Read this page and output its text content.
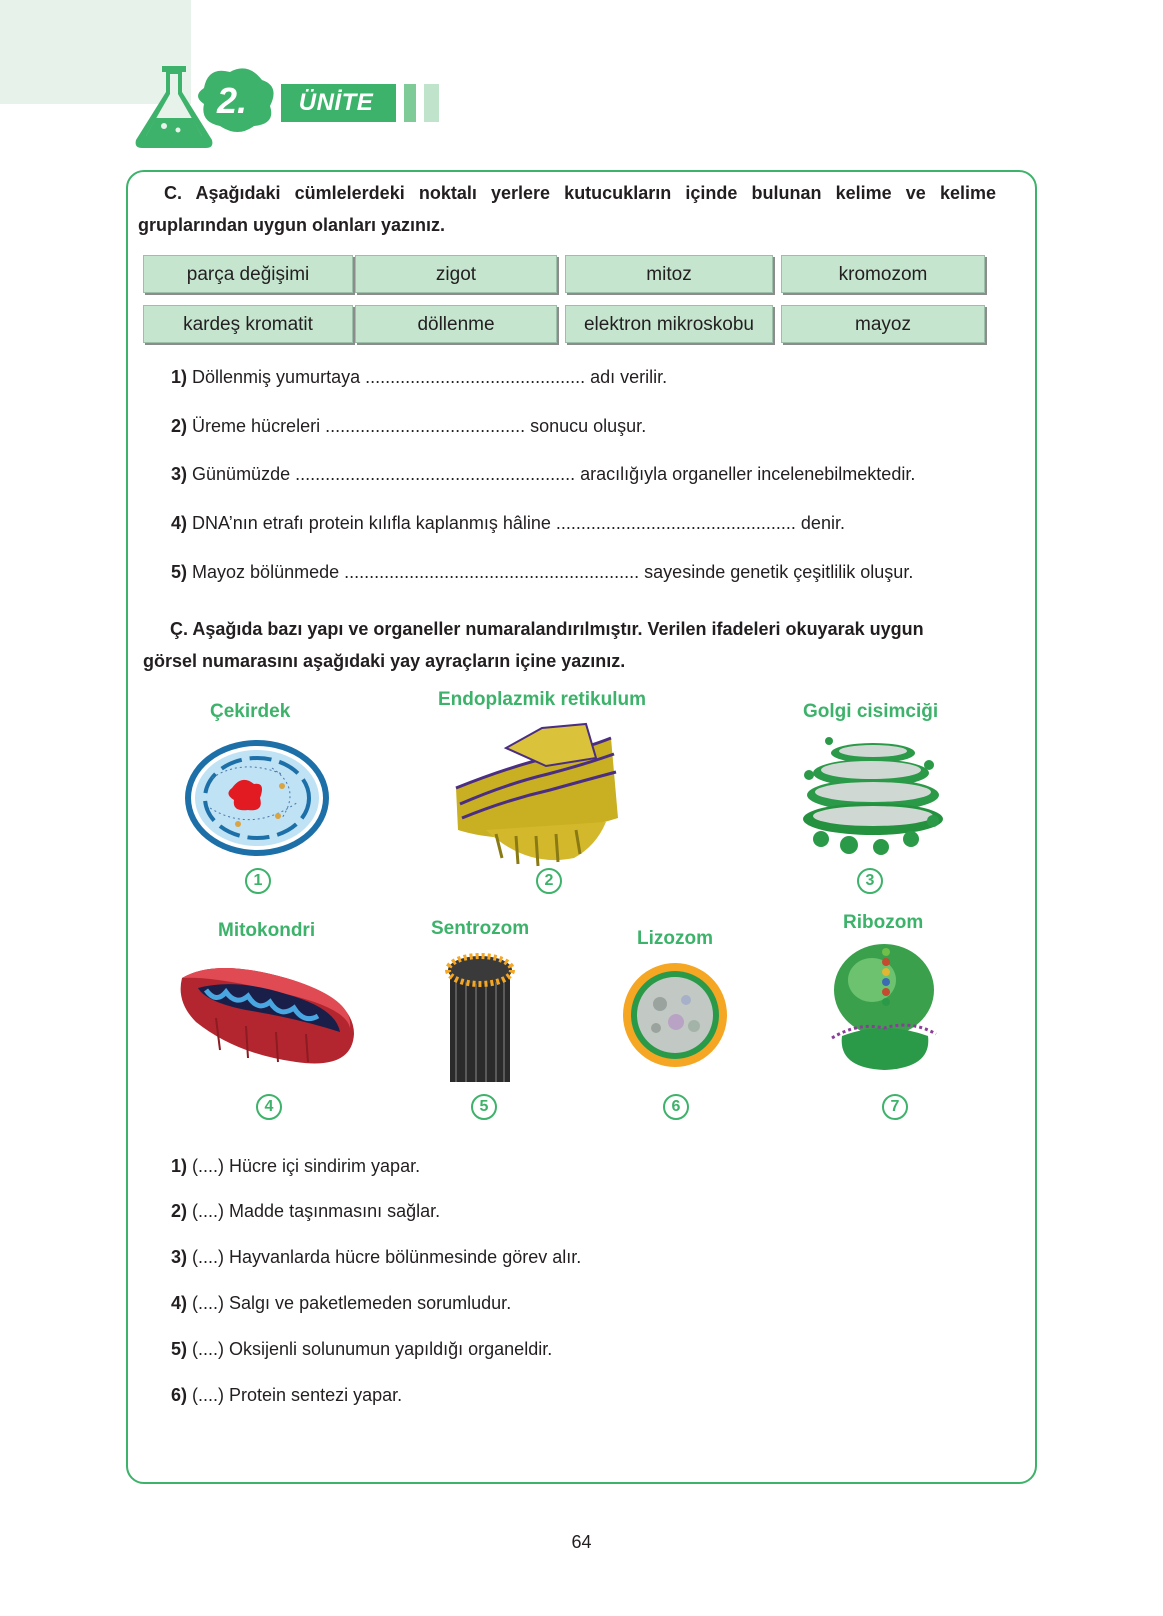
2.	ÜNİTE
C. Aşağıdaki cümlelerdeki noktalı yerlere kutucukların içinde bulunan kelime ve kelime
gruplarından uygun olanları yazınız.
parça değişimi	zigot	mitoz	kromozom
kardeş kromatit	döllenme	elektron mikroskobu	mayoz
1) Döllenmiş yumurtaya ............................................ adı verilir.
2) Üreme hücreleri ........................................ sonucu oluşur.
3) Günümüzde ........................................................ aracılığıyla organeller incelenebilmektedir.
4) DNA’nın etrafı protein kılıfla kaplanmış hâline ................................................ denir.
5) Mayoz bölünmede ........................................................... sayesinde genetik çeşitlilik oluşur.
Ç. Aşağıda bazı yapı ve organeller numaralandırılmıştır. Verilen ifadeleri okuyarak uygun
görsel numarasını aşağıdaki yay ayraçların içine yazınız.
Çekirdek
Endoplazmik retikulum
Golgi cisimciği
Mitokondri	Sentrozom	Lizozom
Ribozom
1	2	3
4	5	6	7
1) (....) Hücre içi sindirim yapar.
2) (....) Madde taşınmasını sağlar.
3) (....) Hayvanlarda hücre bölünmesinde görev alır.
4) (....) Salgı ve paketlemeden sorumludur.
5) (....) Oksijenli solunumun yapıldığı organeldir.
6) (....) Protein sentezi yapar.
64
